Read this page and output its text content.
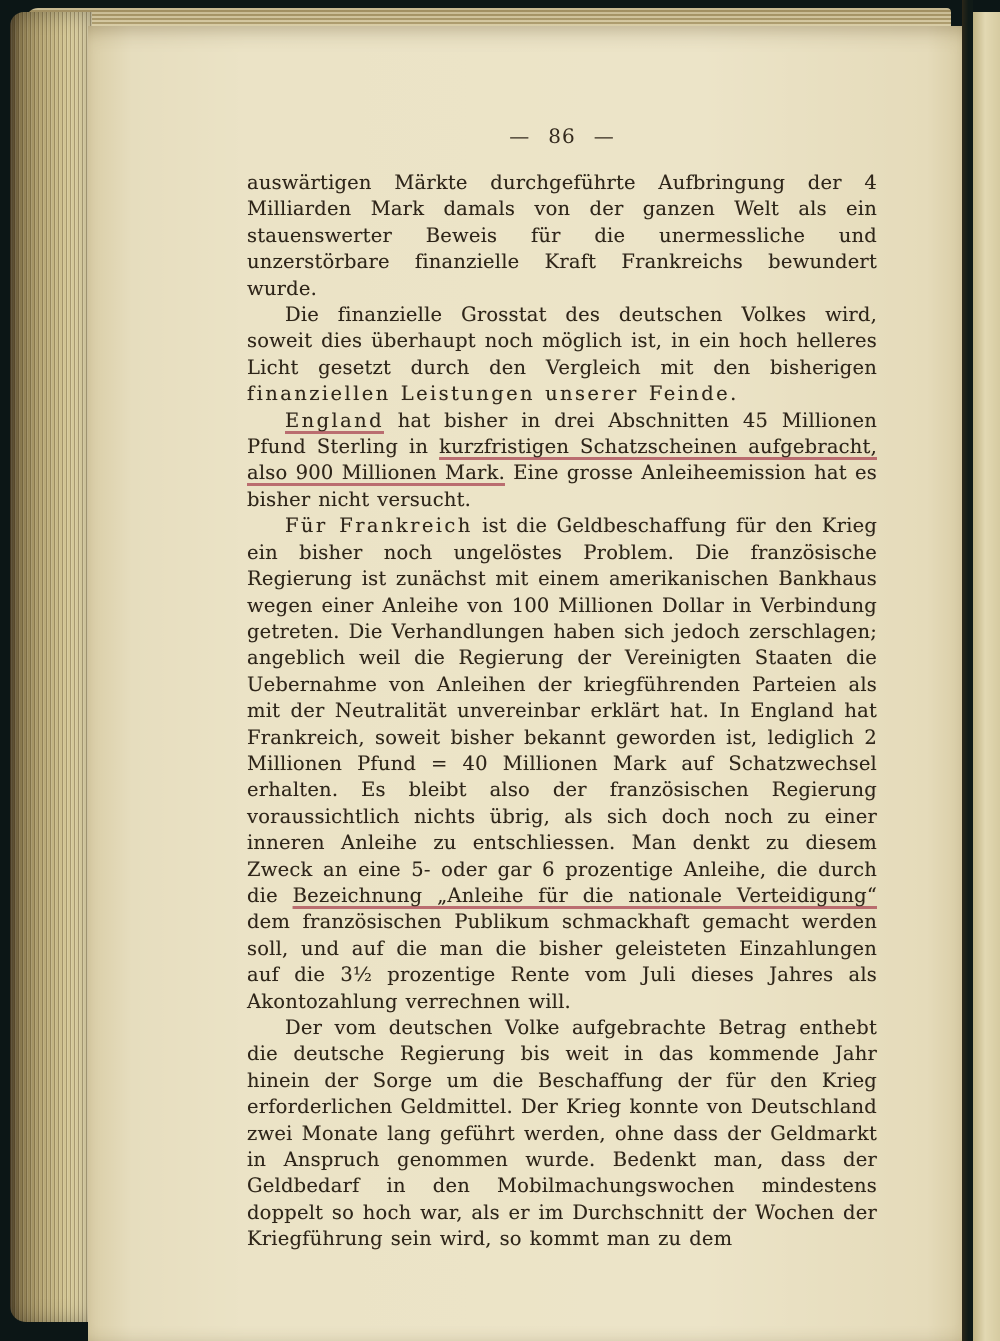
— 86 —

auswärtigen Märkte durchgeführte Aufbringung der 4 Milliarden Mark damals von der ganzen Welt als ein stauenswerter Beweis für die unermessliche und unzerstörbare finanzielle Kraft Frankreichs bewundert wurde.

Die finanzielle Grosstat des deutschen Volkes wird, soweit dies überhaupt noch möglich ist, in ein hoch helleres Licht gesetzt durch den Vergleich mit den bisherigen finanziellen Leistungen unserer Feinde.

England hat bisher in drei Abschnitten 45 Millionen Pfund Sterling in kurzfristigen Schatzscheinen aufgebracht, also 900 Millionen Mark. Eine grosse Anleiheemission hat es bisher nicht versucht.

Für Frankreich ist die Geldbeschaffung für den Krieg ein bisher noch ungelöstes Problem. Die französische Regierung ist zunächst mit einem amerikanischen Bankhaus wegen einer Anleihe von 100 Millionen Dollar in Verbindung getreten. Die Verhandlungen haben sich jedoch zerschlagen; angeblich weil die Regierung der Vereinigten Staaten die Uebernahme von Anleihen der kriegführenden Parteien als mit der Neutralität unvereinbar erklärt hat. In England hat Frankreich, soweit bisher bekannt geworden ist, lediglich 2 Millionen Pfund = 40 Millionen Mark auf Schatzwechsel erhalten. Es bleibt also der französischen Regierung voraussichtlich nichts übrig, als sich doch noch zu einer inneren Anleihe zu entschliessen. Man denkt zu diesem Zweck an eine 5- oder gar 6 prozentige Anleihe, die durch die Bezeichnung „Anleihe für die nationale Verteidigung“ dem französischen Publikum schmackhaft gemacht werden soll, und auf die man die bisher geleisteten Einzahlungen auf die 3½ prozentige Rente vom Juli dieses Jahres als Akontozahlung verrechnen will.

Der vom deutschen Volke aufgebrachte Betrag enthebt die deutsche Regierung bis weit in das kommende Jahr hinein der Sorge um die Beschaffung der für den Krieg erforderlichen Geldmittel. Der Krieg konnte von Deutschland zwei Monate lang geführt werden, ohne dass der Geldmarkt in Anspruch genommen wurde. Bedenkt man, dass der Geldbedarf in den Mobilmachungswochen mindestens doppelt so hoch war, als er im Durchschnitt der Wochen der Kriegführung sein wird, so kommt man zu dem
